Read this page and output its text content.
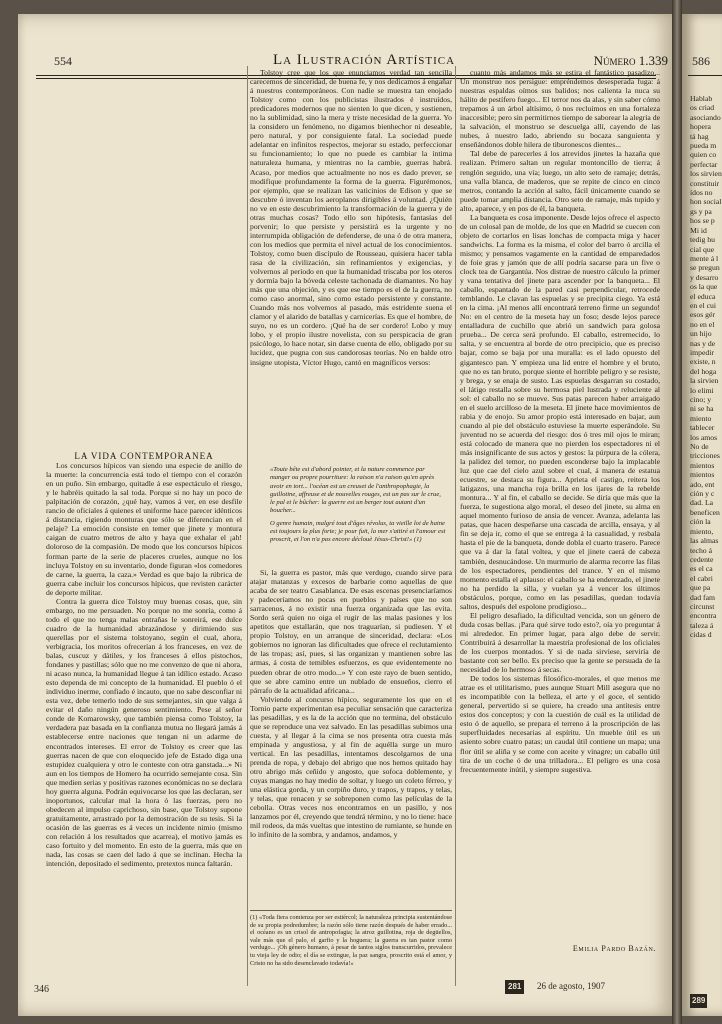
554	La Ilustración Artística	Número 1.339

LA VIDA CONTEMPORÁNEA

Los concursos hípicos van siendo una especie de anillo de la muerte: la concurrencia está todo el tiempo con el corazón en un puño. Sin embargo, quitadle á ese espectáculo el riesgo, y le habréis quitado la sal toda. Porque si no hay un poco de palpitación de corazón, ¿qué hay, vamos á ver, en ese desfile rancio de oficiales á quienes el uniforme hace parecer idénticos á distancia, rigiendo monturas que sólo se diferencian en el pelaje? La emoción consiste en temer que jinete y montura caigan de cuatro metros de alto y haya que exhalar el ¡ah! doloroso de la compasión. De modo que los concursos hípicos forman parte de la serie de placeres crueles, aunque no los incluya Tolstoy en su inventario, donde figuran «los comedores de carne, la guerra, la caza.» Verdad es que bajo la rúbrica de guerra cabe incluir los concursos hípicos, que revisten carácter de deporte militar.

Contra la guerra dice Tolstoy muy buenas cosas, que, sin embargo, no me persuaden. No porque no me sonría, como á todo el que no tenga malas entrañas le sonreirá, ese dulce cuadro de la humanidad abrazándose y dirimiendo sus querellas por el sistema tolstoyano, según el cual, ahora, verbigracia, los moritos ofrecerían á los franceses, en vez de balas, cuscuz y dátiles, y los franceses á ellos pistochos, fondanes y pastillas; sólo que no me convenzo de que ni ahora, ni acaso nunca, la humanidad llegue á tan idílico estado. Acaso esto dependa de mi concepto de la humanidad. El pueblo ó el individuo inerme, confiado é incauto, que no sabe desconfiar ni esta vez, debe temerlo todo de sus semejantes, sin que valga á evitar el daño ningún generoso sentimiento. Pese al señor conde de Komarowsky, que también piensa como Tolstoy, la verdadera paz basada en la confianza mutua no llegará jamás á establecerse entre naciones que tengan ni un adarme de encontrados intereses. El error de Tolstoy es creer que las guerras nacen de que con eloquecido jefe de Estado diga una estupidez cualquiera y otro le conteste con otra ganstada...» Ni aun en los tiempos de Homero ha ocurrido semejante cosa. Sin que medien serias y positivas razones económicas no se declara hoy guerra alguna. Podrán equivocarse los que las declaran, ser inoportunos, calcular mal la hora ó las fuerzas, pero no obedecen al impulso caprichoso, sin base, que Tolstoy supone gratuitamente, arrastrado por la demostración de su tesis. Si la ocasión de las guerras es á veces un incidente nimio (mismo con relación á los resultados que acarrea), el motivo jamás es caso fortuito y del momento. En esto de la guerra, más que en nada, las cosas se caen del lado á que se inclinan. Hecha la intención, depositado el sedimento, pretextos nunca faltarán.

Tolstoy cree que los que enunciamos verdad tan sencilla carecemos de sinceridad, de buena fe, y nos dedicamos á engañar á nuestros contemporáneos. Con nadie se muestra tan enojado Tolstoy como con los publicistas ilustrados é instruídos, predicadores modernos que no sienten lo que dicen, y sostienen, no la sublimidad, sino la mera y triste necesidad de la guerra. Yo la considero un fenómeno, no digamos bienhechor ni deseable, pero natural, y por consiguiente fatal. La sociedad puede adelantar en infinitos respectos, mejorar su estado, perfeccionar su funcionamiento; lo que no puede es cambiar la íntima naturaleza humana, y mientras no la cambie, guerras habrá. Acaso, por medios que actualmente no nos es dado prever, se modifique profundamente la forma de la guerra. Figurémonos, por ejemplo, que se realizan las vaticinios de Edison y que se descubre ó inventan los aeroplanos dirigibles á voluntad. ¿Quién no ve en este descubrimiento la transformación de la guerra y de otras muchas cosas? Todo ello son hipótesis, fantasías del porvenir; lo que persiste y persistirá es la urgente y no interrumpida obligación de defenderse, de una ó de otra manera, con los medios que permita el nivel actual de los conocimientos. Tolstoy, como buen discípulo de Rousseau, quisiera hacer tabla rasa de la civilización, sin refinamientos y exigencias, y volvernos al período en que la humanidad triscaba por los oteros y dormía bajo la bóveda celeste tachonada de diamantes. No hay más que una objeción, y es que ese tiempo es el de la guerra, no como caso anormal, sino como estado persistente y constante. Cuando más nos volvemos al pasado, más estridente suena el clamor y el alarido de batallas y carnicerías. Es que el hombre, de suyo, no es un cordero. ¡Qué ha de ser cordero! Lobo y muy lobo, y el propio ilustre novelista, con su perspicacia de gran psicólogo, lo hace notar, sin darse cuenta de ello, obligado por su lucidez, que pugna con sus candorosas teorías. No en balde otro insigne utopista, Víctor Hugo, cantó en magníficos versos:

«Toute bête est d'abord pointer, et la nature commence par manger ou propre pourriture: la raison n'a raison qu'en après avoir en tort... l'océan est un creuset de l'anthropophagie, la guillotine, affreuse et de nouvelles rouges, est un pas sur le crue, le pal et le bûcher: la guerre est un berger tout autant d'un boucher...

O genre humain, malgré tout d'âges révolus, ta vieille loi de haine est toujours la plus forte; je pour fuit, la mer s'attiré et l'amour est proscrit, et l'on n'a pas encore déclouè Jésus-Christ!» (1)

Si, la guerra es pastor, más que verdugo, cuando sirve para atajar matanzas y excesos de barbarie como aquellas de que acaba de ser teatro Casablanca. De esas escenas presenciaríamos y padeceríamos no pocas en pueblos y países que no son sarracenos, á no existir una fuerza organizada que las evita. Sordo será quien no oiga el rugir de las malas pasiones y los apetitos que estallarán, que nos traguarían, si pudiesen. Y el propio Tolstoy, en un arranque de sinceridad, declara: «Los gobiernos no ignoran las dificultades que ofrece el reclutamiento de las tropas; así, pues, si las organizan y mantienen sobre las armas, á costa de temibles esfuerzos, es que evidentemente no pueden obrar de otro modo...» Y con este rayo de buen sentido, que se abre camino entre un nublado de ensueños, cierro el párrafo de la actualidad africana...

Volviendo al concurso hípico, seguramente los que en el Tornio parte experimentan esa peculiar sensación que caracteriza las pesadillas, y es la de la acción que no termina, del obstáculo que se reproduce una vez salvado. En las pesadillas subimos una cuesta, y al llegar á la cima se nos presenta otra cuesta más empinada y angustiosa, y al fin de aquélla surge un muro vertical. En las pesadillas, intentamos descolgarnos de una prenda de ropa, y debajo del abrigo que nos hemos quitado hay otro abrigo más ceñido y angosto, que sofoca doblemente, y cuyas mangas no hay medio de soltar, y luego un coleto férreo, y una elástica gorda, y un corpiño duro, y trapos, y trapos, y telas, y telas, que renacen y se sobreponen como las películas de la cebolla. Otras veces nos encontramos en un pasillo, y nos lanzamos por él, creyendo que tendrá término, y no lo tiene: hace mil rodeos, da más vueltas que intestino de rumiante, se hunde en lo infinito de la sombra, y andamos, andamos, y

(1) «Toda fiera comienza por ser estiércol; la naturaleza principia sustentándose de su propia podredumbre; la razón sólo tiene razón después de haber errado... el océano es un crisol de antropofagia; la atroz guillotina, roja de degüellos, vale más que el palo, el garfio y la hoguera; la guerra es tan pastor como verdugo... ¡Oh género humano, á pesar de tantos siglos transcurridos, prevalece tu vieja ley de odio; el día se extingue, la paz sangra, proscrito está el amor, y Cristo no ha sido desenclavado todavía!»

cuanto más andamos más se estira el fantástico pasadizo... Un monstruo nos persigue: empréndemos desesperada fuga: á nuestras espaldas oímos sus balidos; nos calienta la nuca su hálito de pestífero fuego... El terror nos da alas, y sin saber cómo trepamos á un árbol altísimo, ó nos recluimos en una fortaleza inaccesible; pero sin permitirnos tiempo de saborear la alegría de la salvación, el monstruo se descuelga allí, cayendo de las nubes, á nuestro lado, abriendo su bocaza sanguienta y enseñándonos doble hilera de tiburonescos dientes...

Tal debe de parecerles á los atrevidos jinetes la hazaña que realizan. Primero saltan un regular montoncillo de tierra; á renglón seguido, una vía; luego, un alto seto de ramaje; detrás, una valla blanca, de maderos, que se repite de cinco en cinco metros, contando la acción al salto, fácil únicamente cuando se puede tomar amplia distancia. Otro seto de ramaje, más tupido y alto, aparece, y en pos de él, la banqueta.

La banqueta es cosa imponente. Desde lejos ofrece el aspecto de un colosal pan de molde, de los que en Madrid se cuecen con objeto de cortarlos en lisas lonchas de compacta miga y hacer sandwichs. La forma es la misma, el color del barro ó arcilla el mismo; y pensamos vagamente en la cantidad de emparedados de foie gras y jamón que de allí podría sacarse para un five o clock tea de Gargantúa. Nos distrae de nuestro cálculo la primer y vana tentativa del jinete para ascender por la banqueta... El caballo, espantado de la pared casi perpendicular, retrocede temblando. Le clavan las espuelas y se precipita ciego. Ya está en la cima. ¡Al menos allí encontrará terreno firme un segundo! No: en el centro de la meseta hay un foso; desde lejos parece entalladura de cuchillo que abrió un sandwich para golosa prueba... De cerca será profundo. El caballo, estremecido, lo salta, y se encuentra al borde de otro precipicio, que es preciso bajar, como se baja por una muralla: es el lado opuesto del gigantesco pan. Y empieza una lid entre el hombre y el bruto, que no es tan bruto, porque siente el horrible peligro y se resiste, y brega, y se enaja de susto. Las espuelas desgarran su costado, el látigo restalla sobre su hermosa piel lustrada y reluciente al sol: el caballo no se mueve. Sus patas parecen haber arraigado en el suelo arcilloso de la meseta. El jinete hace movimientos de rabia y de enojo. Su amor propio está interesado en bajar, aun cuando al pie del obstáculo estuviese la muerte esperándole. Su juventud no se acuerda del riesgo: dos ó tres mil ojos le miran; está colocado de manera que no pierden los espectadores ni el más insignificante de sus actos y gestos: la púrpura de la cólera, la palidez del temor, no pueden esconderse bajo la implacable luz que cae del cielo azul sobre el cual, á manera de estatua ecuestre, se destaca su figura... Aprieta el castigo, reitera los latigazos, una mancha roja brilla en los ijares de la rebelde montura... Y al fin, el caballo se decide. Se diría que más que la fuerza, le sugestiona algo moral, el deseo del jinete, su alma en aquel momento furioso de ansia de vencer. Avanza, adelanta las patas, que hacen despeñarse una cascada de arcilla, ensaya, y al fin se deja ir, como el que se entrega á la casualidad, y resbala hasta el pie de la banqueta, donde dobla el cuarto trasero. Parece que va á dar la fatal voltea, y que el jinete caerá de cabeza también, desnucándose. Un murmurio de alarma recorre las filas de los espectadores, pendientes del trance. Y en el mismo momento estalla el aplauso: el caballo se ha enderezado, el jinete no ha perdido la silla, y vuelan ya á vencer los últimos obstáculos, porque, como en las pesadillas, quedan todavía saltos, después del espolone prodigioso...

El peligro desafiado, la dificultad vencida, son un género de duda cosas bellas. ¡Para qué sirve todo esto?, oía yo preguntar á mi alrededor. En primer lugar, para algo debe de servir. Contribuirá á desarrollar la maestría profesional de los oficiales de los cuerpos montados. Y si de nada sirviese, serviría de bastante con ser bello. Es preciso que la gente se persuada de la necesidad de lo hermoso á secas.

De todos los sistemas filosófico-morales, el que menos me atrae es el utilitarismo, pues aunque Stuart Mill asegura que no es incompatible con la belleza, el arte y el goce, el sentido general, pervertido si se quiere, ha creado una antítesis entre estos dos conceptos; y con la cuestión de cuál es la utilidad de esto ó de aquello, se prepara el terreno á la proscripción de las superfluidades necesarias al espíritu. Un mueble útil es un asiento sobre cuatro patas; un caudal útil contiene un mapa; una flor útil se aliña y se come con aceite y vinagre; un caballo útil tira de un coche ó de una trilladora... El peligro es una cosa frecuentemente inútil, y siempre sugestiva.

Emilia Pardo Bazán.
346	281	26 de agosto, 1907
586
Hablab
os criad
asociando
hopera
tá hag
pueda m
quien co
perfectar
los sirvien
constituir
ídos no
hon social
gs y pa
hos se p
Mi id
tedig hu
cial que
mente á l
se pregun
y desarro
os la que
el educa
en el cui
esos gér
no en el
un hijo
nas y de
impedir
existe, n
del hoga
la sirvien
lo elimi
cino; y
ni se ha
miento
tablecer
los amos
No de
tricciones
mientos
mientos
ado, ent
ción y c
dad. La
beneficen
ción la
miento,
las almas
techo á
cedente
es el ca
el cabri
que pa
dad fam
circunst
encontra
taleza á
cidas d
289
